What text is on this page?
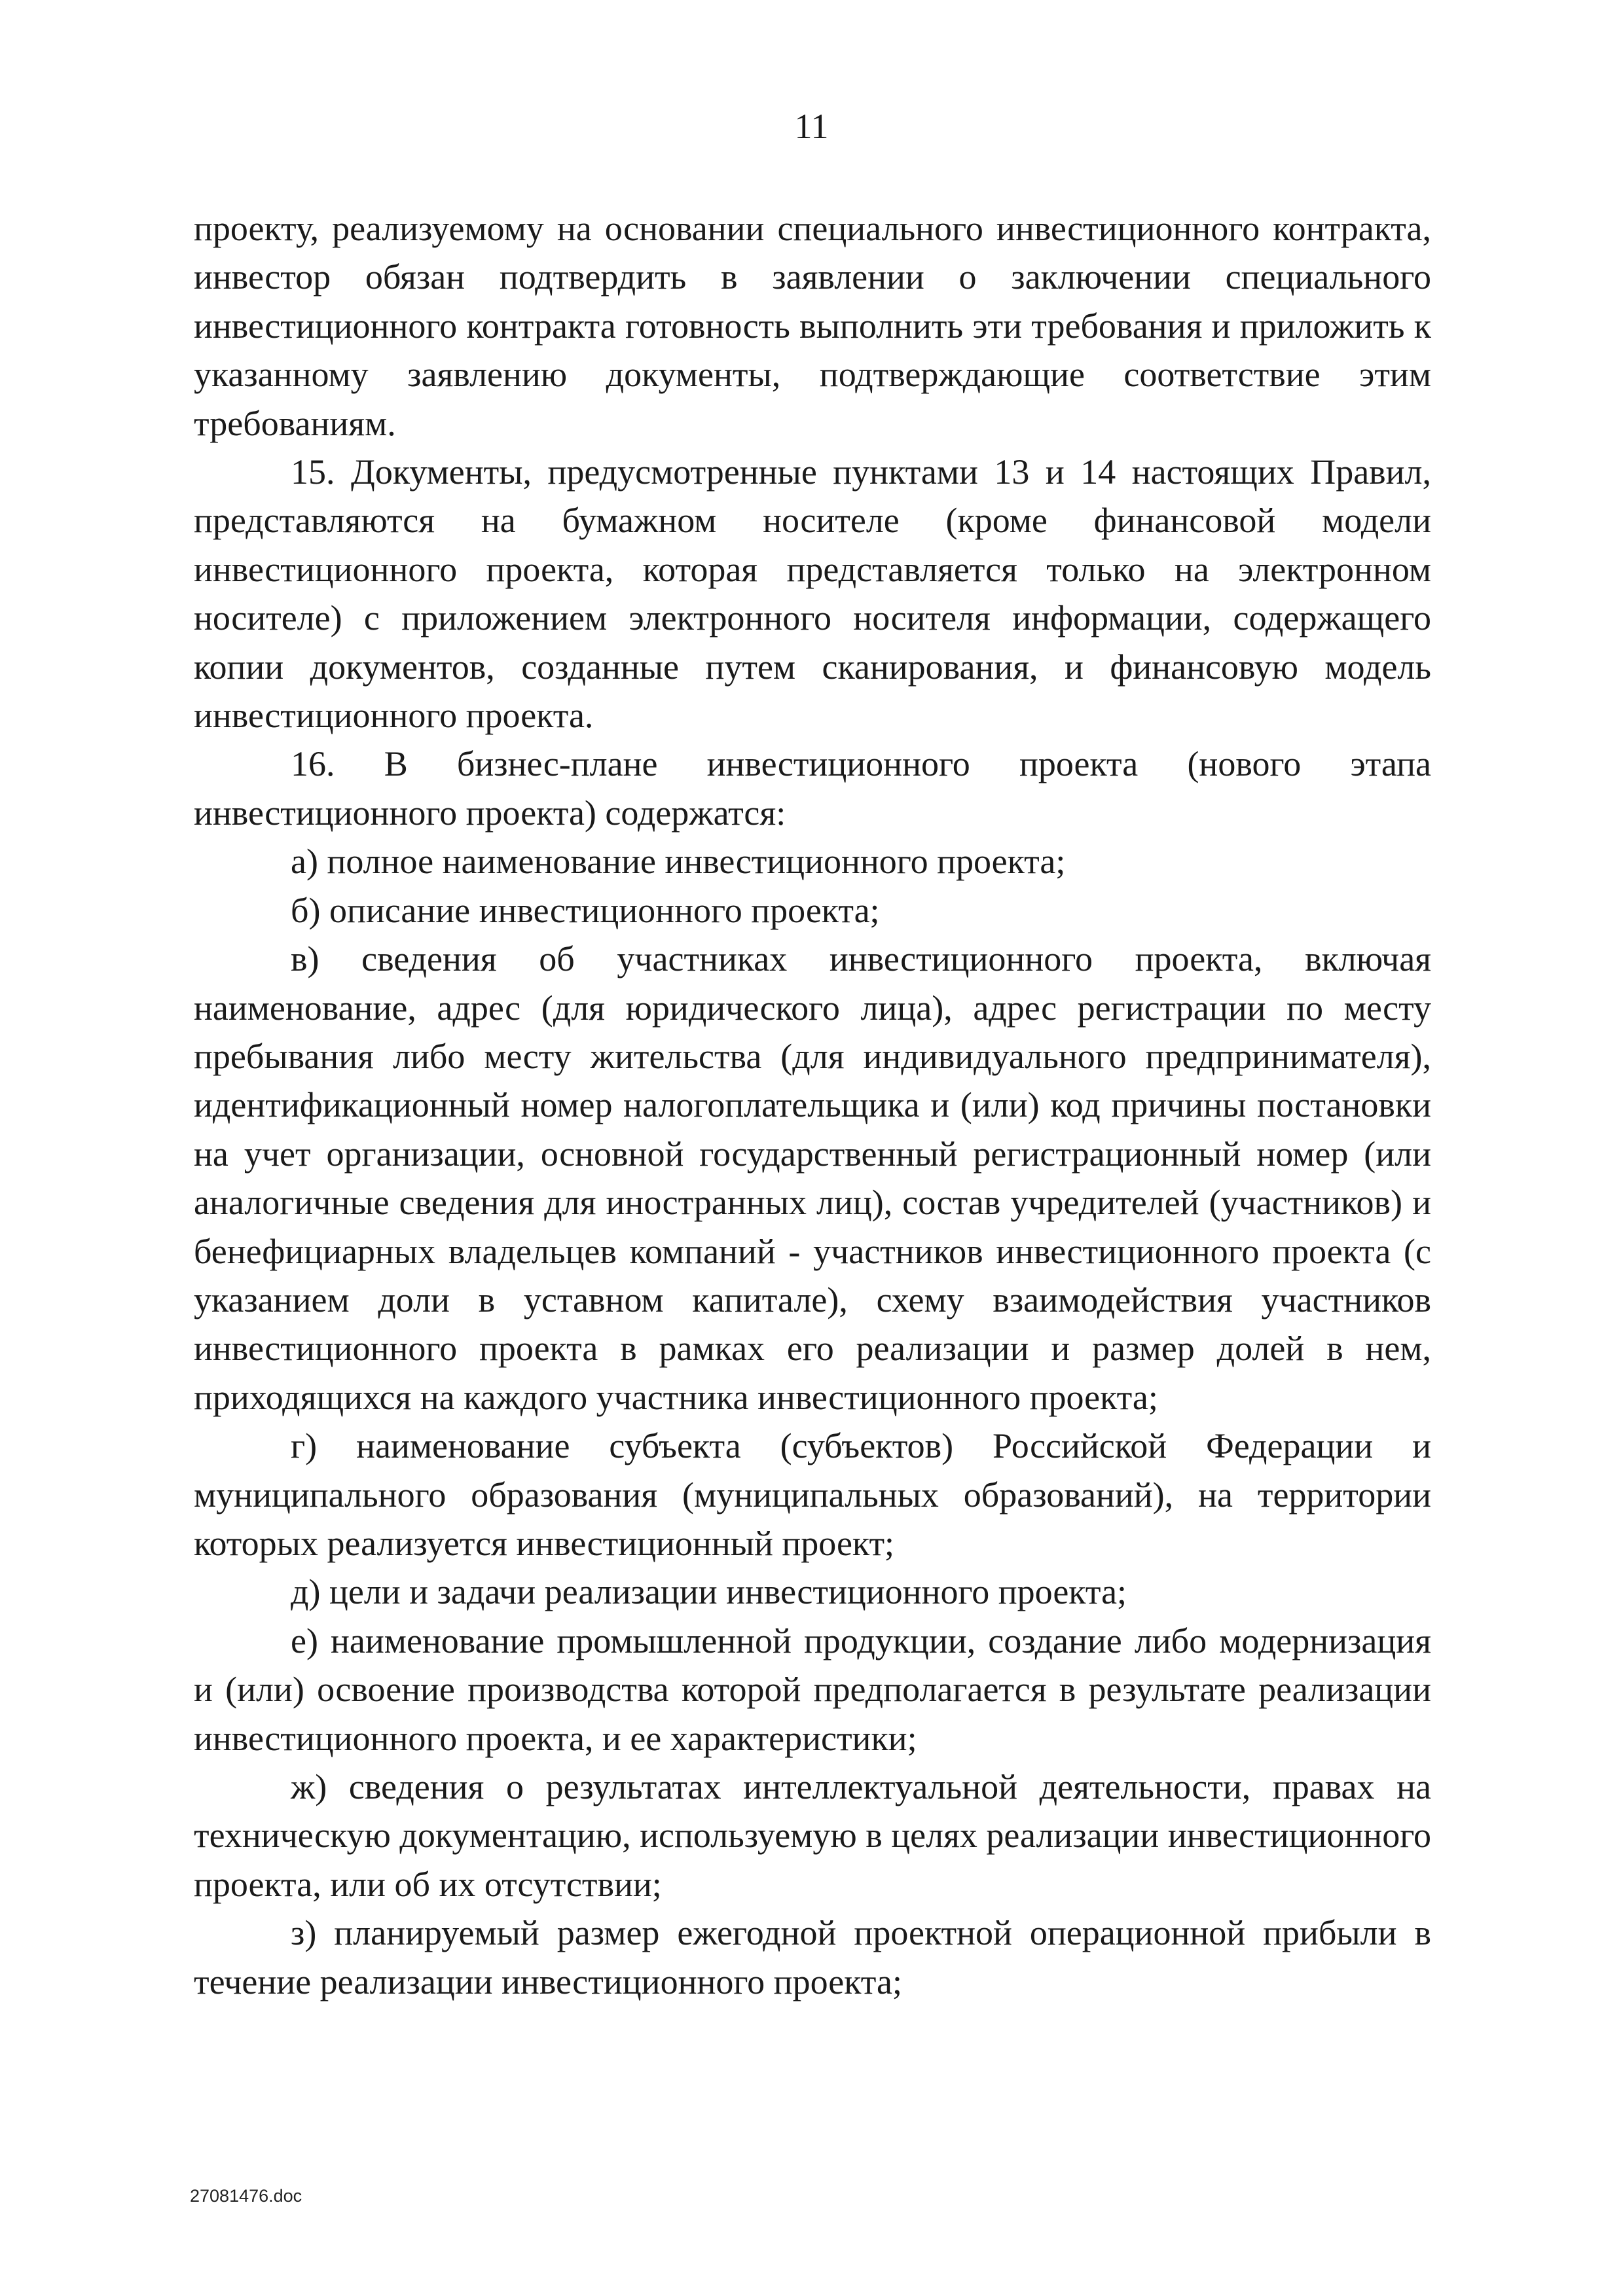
11

проекту, реализуемому на основании специального инвестиционного контракта, инвестор обязан подтвердить в заявлении о заключении специального инвестиционного контракта готовность выполнить эти требования и приложить к указанному заявлению документы, подтверждающие соответствие этим требованиям.

15. Документы, предусмотренные пунктами 13 и 14 настоящих Правил, представляются на бумажном носителе (кроме финансовой модели инвестиционного проекта, которая представляется только на электронном носителе) с приложением электронного носителя информации, содержащего копии документов, созданные путем сканирования, и финансовую модель инвестиционного проекта.

16. В бизнес-плане инвестиционного проекта (нового этапа инвестиционного проекта) содержатся:

а) полное наименование инвестиционного проекта;

б) описание инвестиционного проекта;

в) сведения об участниках инвестиционного проекта, включая наименование, адрес (для юридического лица), адрес регистрации по месту пребывания либо месту жительства (для индивидуального предпринимателя), идентификационный номер налогоплательщика и (или) код причины постановки на учет организации, основной государственный регистрационный номер (или аналогичные сведения для иностранных лиц), состав учредителей (участников) и бенефициарных владельцев компаний - участников инвестиционного проекта (с указанием доли в уставном капитале), схему взаимодействия участников инвестиционного проекта в рамках его реализации и размер долей в нем, приходящихся на каждого участника инвестиционного проекта;

г) наименование субъекта (субъектов) Российской Федерации и муниципального образования (муниципальных образований), на территории которых реализуется инвестиционный проект;

д) цели и задачи реализации инвестиционного проекта;

е) наименование промышленной продукции, создание либо модернизация и (или) освоение производства которой предполагается в результате реализации инвестиционного проекта, и ее характеристики;

ж) сведения о результатах интеллектуальной деятельности, правах на техническую документацию, используемую в целях реализации инвестиционного проекта, или об их отсутствии;

з) планируемый размер ежегодной проектной операционной прибыли в течение реализации инвестиционного проекта;

27081476.doc
